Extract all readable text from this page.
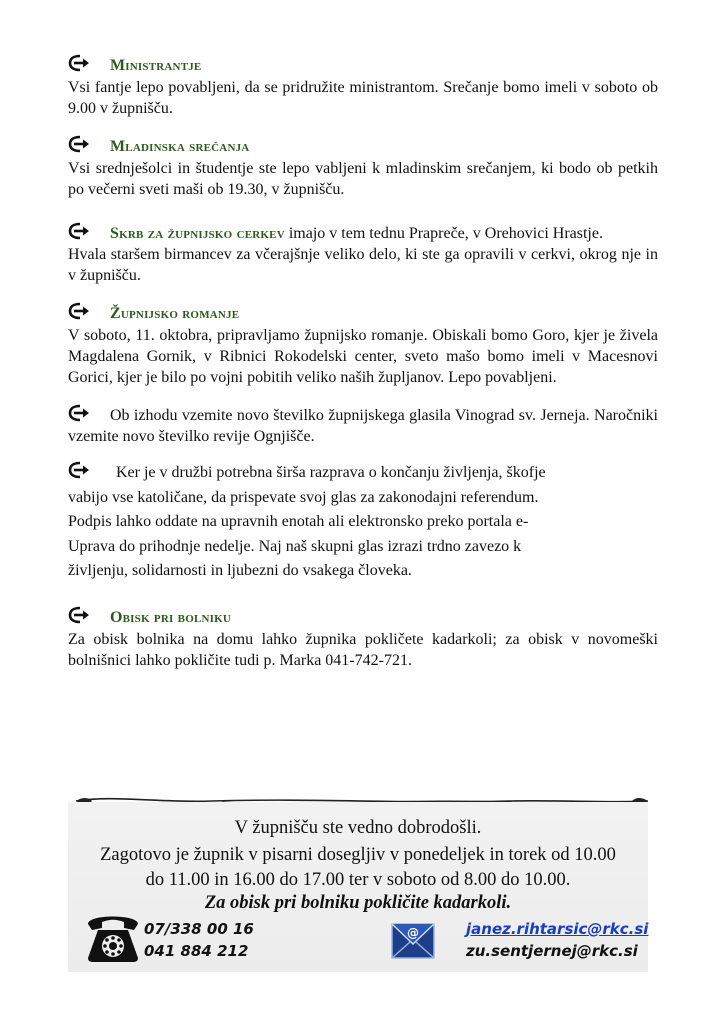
Ministrantje

Vsi fantje lepo povabljeni, da se pridružite ministrantom. Srečanje bomo imeli v soboto ob 9.00 v župnišču.

Mladinska srečanja

Vsi srednješolci in študentje ste lepo vabljeni k mladinskim srečanjem, ki bodo ob petkih po večerni sveti maši ob 19.30, v župnišču.

Skrb za župnijsko cerkev imajo v tem tednu Prapreče, v Orehovici Hrastje.

Hvala staršem birmancev za včerajšnje veliko delo, ki ste ga opravili v cerkvi, okrog nje in v župnišču.

Župnijsko romanje

V soboto, 11. oktobra, pripravljamo župnijsko romanje. Obiskali bomo Goro, kjer je živela Magdalena Gornik, v Ribnici Rokodelski center, sveto mašo bomo imeli v Macesnovi Gorici, kjer je bilo po vojni pobitih veliko naših župljanov. Lepo povabljeni.

Ob izhodu vzemite novo številko župnijskega glasila Vinograd sv. Jerneja. Naročniki vzemite novo številko revije Ognjišče.

Ker je v družbi potrebna širša razprava o končanju življenja, škofje
vabijo vse katoličane, da prispevate svoj glas za zakonodajni referendum.
Podpis lahko oddate na upravnih enotah ali elektronsko preko portala e-
Uprava do prihodnje nedelje. Naj naš skupni glas izrazi trdno zavezo k
življenju, solidarnosti in ljubezni do vsakega človeka.

Obisk pri bolniku

Za obisk bolnika na domu lahko župnika pokličete kadarkoli; za obisk v novomeški bolnišnici lahko pokličite tudi p. Marka 041-742-721.

V župnišču ste vedno dobrodošli.
Zagotovo je župnik v pisarni dosegljiv v ponedeljek in torek od 10.00
do 11.00 in 16.00 do 17.00 ter v soboto od 8.00 do 10.00.
Za obisk pri bolniku pokličite kadarkoli.
07/338 00 16
041 884 212
@	janez.rihtarsic@rkc.si
zu.sentjernej@rkc.si
